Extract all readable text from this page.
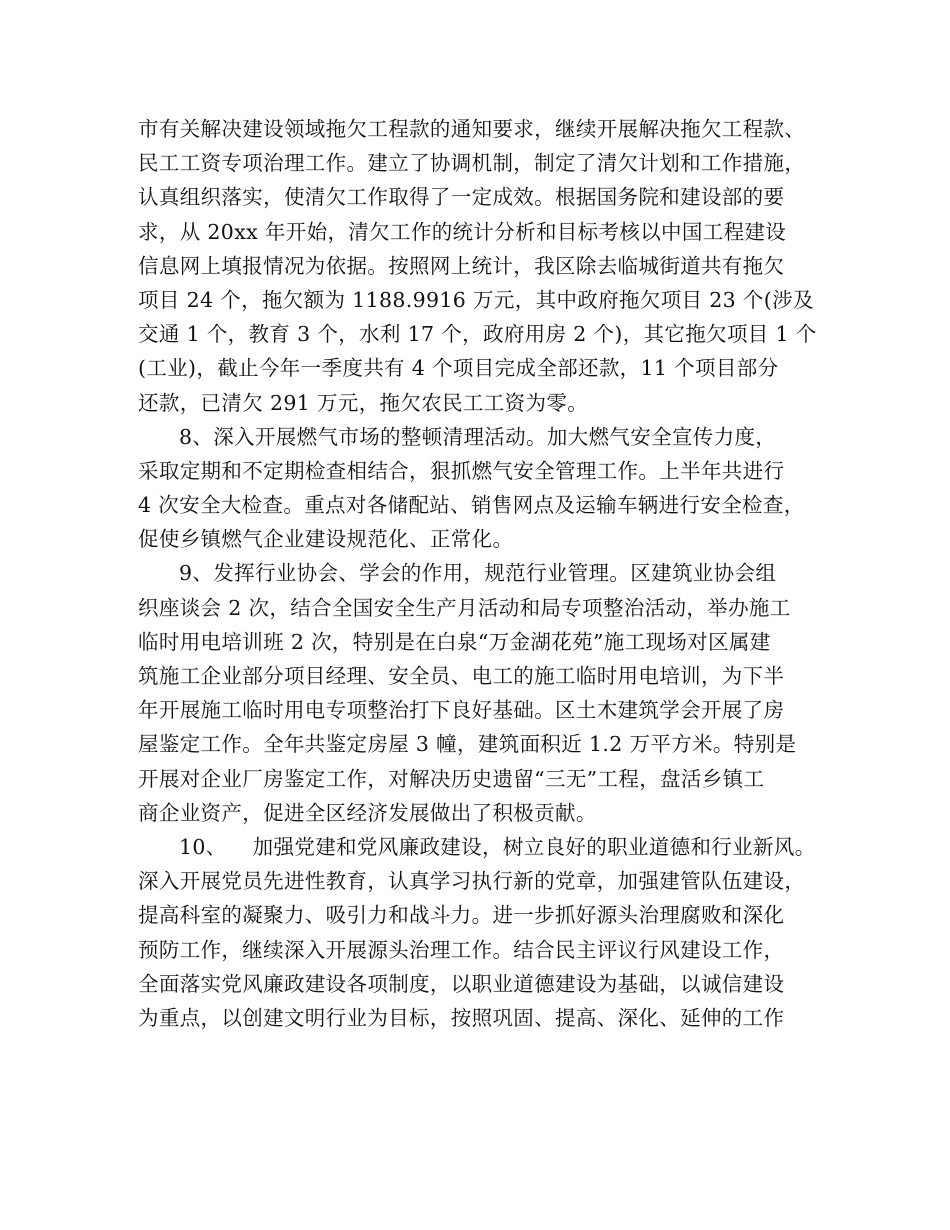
市有关解决建设领域拖欠工程款的通知要求，继续开展解决拖欠工程款、
民工工资专项治理工作。建立了协调机制，制定了清欠计划和工作措施，
认真组织落实，使清欠工作取得了一定成效。根据国务院和建设部的要
求，从 20xx 年开始，清欠工作的统计分析和目标考核以中国工程建设
信息网上填报情况为依据。按照网上统计，我区除去临城街道共有拖欠
项目 24 个，拖欠额为 1188.9916 万元，其中政府拖欠项目 23 个(涉及
交通 1 个，教育 3 个，水利 17 个，政府用房 2 个)，其它拖欠项目 1 个
(工业)，截止今年一季度共有 4 个项目完成全部还款，11 个项目部分
还款，已清欠 291 万元，拖欠农民工工资为零。
8、深入开展燃气市场的整顿清理活动。加大燃气安全宣传力度，
采取定期和不定期检查相结合，狠抓燃气安全管理工作。上半年共进行
4 次安全大检查。重点对各储配站、销售网点及运输车辆进行安全检查，
促使乡镇燃气企业建设规范化、正常化。
9、发挥行业协会、学会的作用，规范行业管理。区建筑业协会组
织座谈会 2 次，结合全国安全生产月活动和局专项整治活动，举办施工
临时用电培训班 2 次，特别是在白泉“万金湖花苑”施工现场对区属建
筑施工企业部分项目经理、安全员、电工的施工临时用电培训，为下半
年开展施工临时用电专项整治打下良好基础。区土木建筑学会开展了房
屋鉴定工作。全年共鉴定房屋 3 幢，建筑面积近 1.2 万平方米。特别是
开展对企业厂房鉴定工作，对解决历史遗留“三无”工程，盘活乡镇工
商企业资产，促进全区经济发展做出了积极贡献。
10、 加强党建和党风廉政建设，树立良好的职业道德和行业新风。
深入开展党员先进性教育，认真学习执行新的党章，加强建管队伍建设，
提高科室的凝聚力、吸引力和战斗力。进一步抓好源头治理腐败和深化
预防工作，继续深入开展源头治理工作。结合民主评议行风建设工作，
全面落实党风廉政建设各项制度，以职业道德建设为基础，以诚信建设
为重点，以创建文明行业为目标，按照巩固、提高、深化、延伸的工作
